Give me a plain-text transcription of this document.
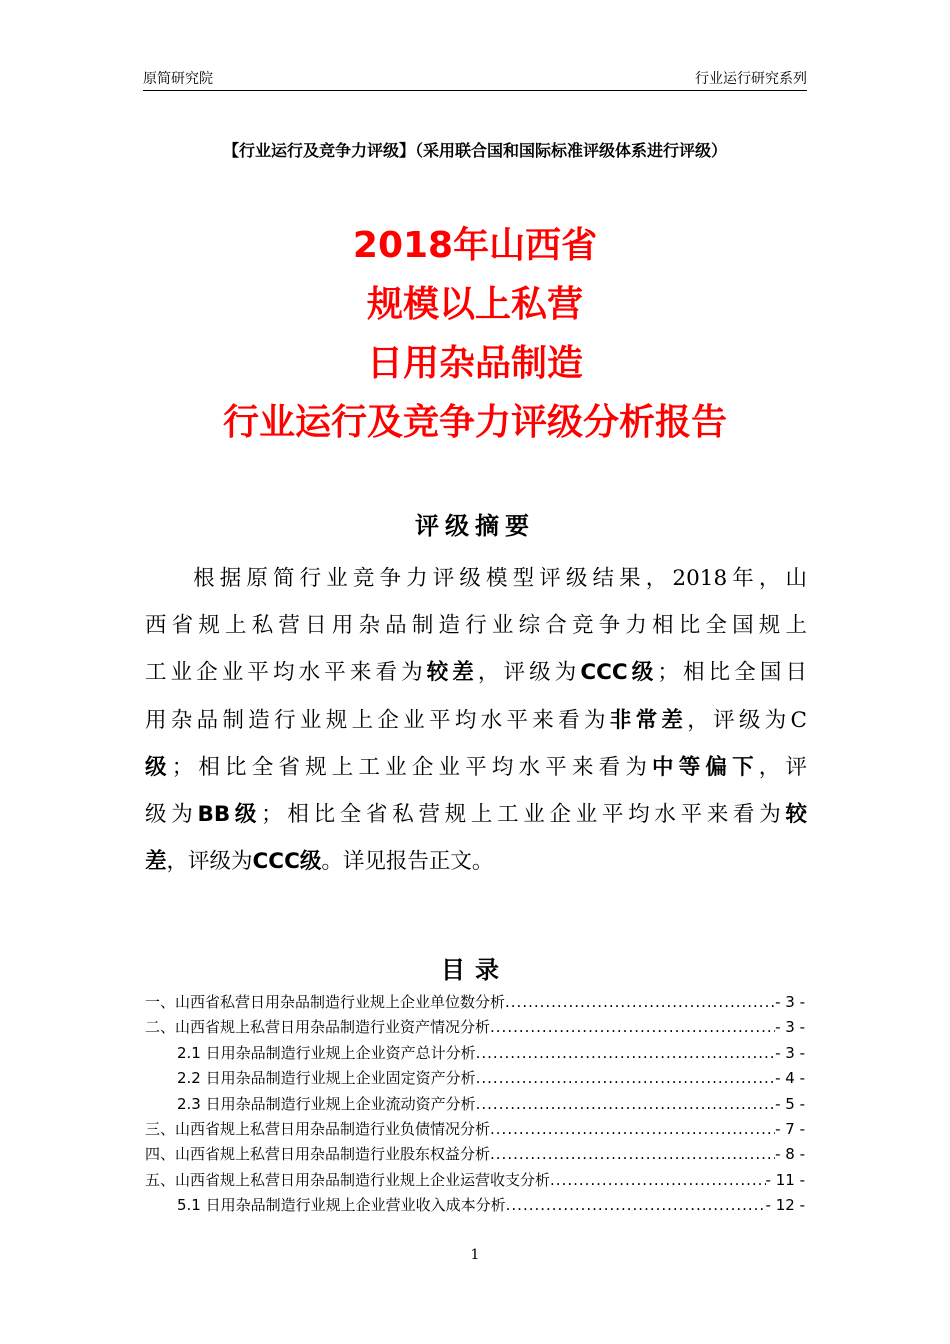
原简研究院	行业运行研究系列
【行业运行及竞争力评级】（采用联合国和国际标准评级体系进行评级）
2018年山西省
规模以上私营
日用杂品制造
行业运行及竞争力评级分析报告
评级摘要
根据原简行业竞争力评级模型评级结果，2018年，山
西省规上私营日用杂品制造行业综合竞争力相比全国规上
工业企业平均水平来看为较差，评级为CCC级；相比全国日
用杂品制造行业规上企业平均水平来看为非常差，评级为C
级；相比全省规上工业企业平均水平来看为中等偏下，评
级为BB级；相比全省私营规上工业企业平均水平来看为较
差，评级为CCC级。详见报告正文。
目录
一、山西省私营日用杂品制造行业规上企业单位数分析 .....	- 3 -
二、山西省规上私营日用杂品制造行业资产情况分析 .....	- 3 -
2.1 日用杂品制造行业规上企业资产总计分析 .....	- 3 -
2.2 日用杂品制造行业规上企业固定资产分析 .....	- 4 -
2.3 日用杂品制造行业规上企业流动资产分析 .....	- 5 -
三、山西省规上私营日用杂品制造行业负债情况分析 .....	- 7 -
四、山西省规上私营日用杂品制造行业股东权益分析 .....	- 8 -
五、山西省规上私营日用杂品制造行业规上企业运营收支分析 .....	- 11 -
5.1 日用杂品制造行业规上企业营业收入成本分析 .....	- 12 -
1
